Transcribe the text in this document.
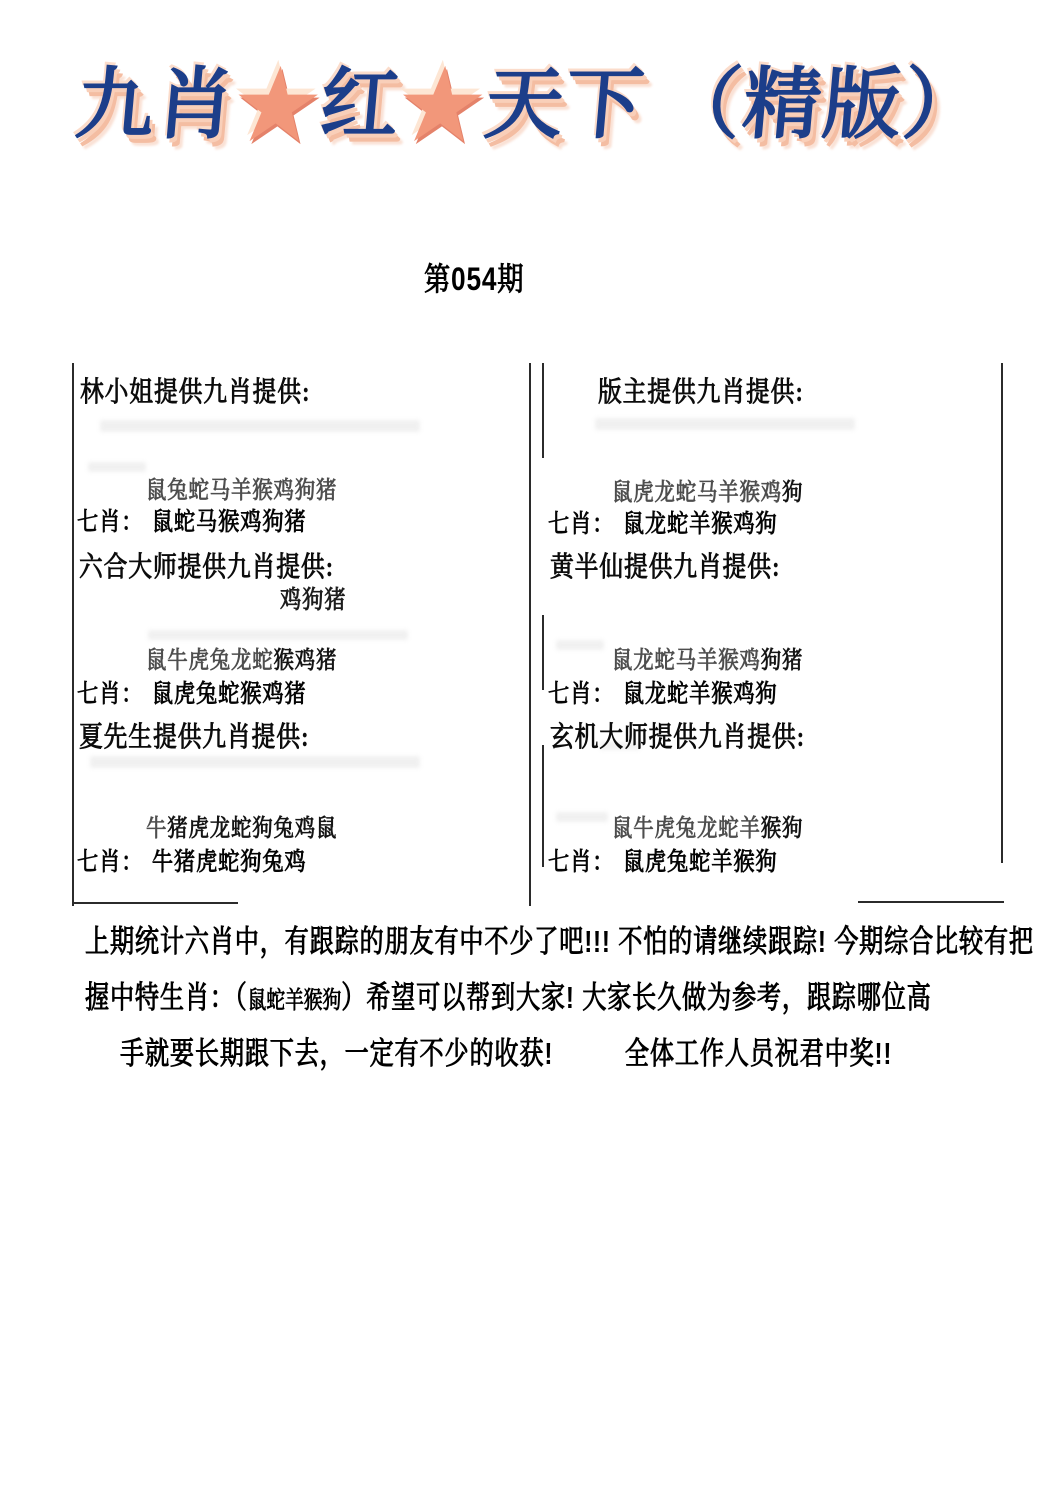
九肖★红★天下 （精版）
第054期
林小姐提供九肖提供:
鼠兔蛇马羊猴鸡狗猪
七肖： 鼠蛇马猴鸡狗猪
六合大师提供九肖提供:
鸡狗猪
鼠牛虎兔龙蛇猴鸡猪
七肖： 鼠虎兔蛇猴鸡猪
夏先生提供九肖提供:
牛猪虎龙蛇狗兔鸡鼠
七肖： 牛猪虎蛇狗兔鸡
版主提供九肖提供:
鼠虎龙蛇马羊猴鸡狗
七肖： 鼠龙蛇羊猴鸡狗
黄半仙提供九肖提供:
鼠龙蛇马羊猴鸡狗猪
七肖： 鼠龙蛇羊猴鸡狗
玄机大师提供九肖提供:
鼠牛虎兔龙蛇羊猴狗
七肖： 鼠虎兔蛇羊猴狗
上期统计六肖中，有跟踪的朋友有中不少了吧!!! 不怕的请继续跟踪! 今期综合比较有把
握中特生肖：（鼠蛇羊猴狗）希望可以帮到大家! 大家长久做为参考，跟踪哪位高
手就要长期跟下去，一定有不少的收获! 全体工作人员祝君中奖!!
